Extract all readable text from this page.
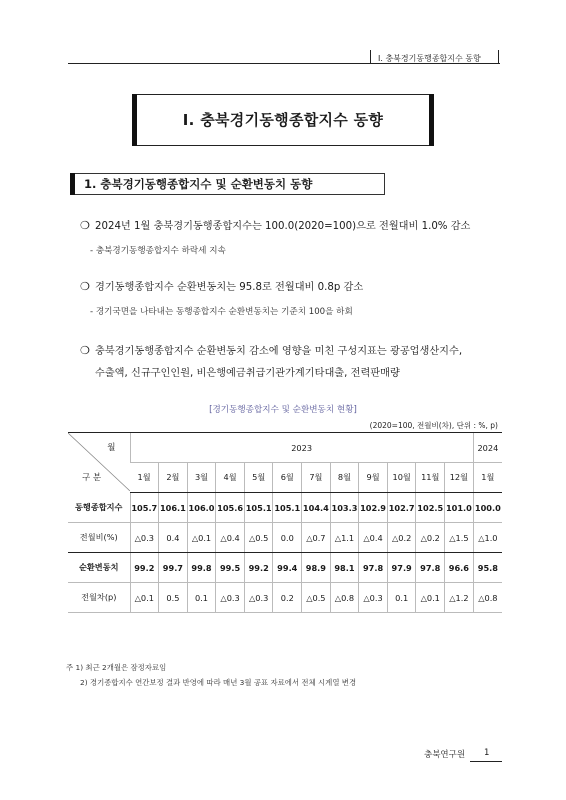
Ⅰ. 충북경기동행종합지수 동향
Ⅰ. 충북경기동행종합지수 동향
1. 충북경기동행종합지수 및 순환변동치 동향
❍ 2024년 1월 충북경기동행종합지수는 100.0(2020=100)으로 전월대비 1.0% 감소
- 충북경기동행종합지수 하락세 지속
❍ 경기동행종합지수 순환변동치는 95.8로 전월대비 0.8p 감소
- 경기국면을 나타내는 동행종합지수 순환변동치는 기준치 100을 하회
❍ 충북경기동행종합지수 순환변동치 감소에 영향을 미친 구성지표는 광공업생산지수,
수출액, 신규구인인원, 비은행예금취급기관가계기타대출, 전력판매량
[경기동행종합지수 및 순환변동치 현황]
(2020=100, 전월비(차), 단위 : %, p)
월
구 분	2023												2024
	1월	2월	3월	4월	5월	6월	7월	8월	9월	10월	11월	12월	1월
동행종합지수	105.7	106.1	106.0	105.6	105.1	105.1	104.4	103.3	102.9	102.7	102.5	101.0	100.0
전월비(%)	△0.3	0.4	△0.1	△0.4	△0.5	0.0	△0.7	△1.1	△0.4	△0.2	△0.2	△1.5	△1.0
순환변동치	99.2	99.7	99.8	99.5	99.2	99.4	98.9	98.1	97.8	97.9	97.8	96.6	95.8
전월차(p)	△0.1	0.5	0.1	△0.3	△0.3	0.2	△0.5	△0.8	△0.3	0.1	△0.1	△1.2	△0.8
주 1) 최근 2개월은 잠정자료임
2) 경기종합지수 연간보정 결과 반영에 따라 매년 3월 공표 자료에서 전체 시계열 변경
충북연구원 1
